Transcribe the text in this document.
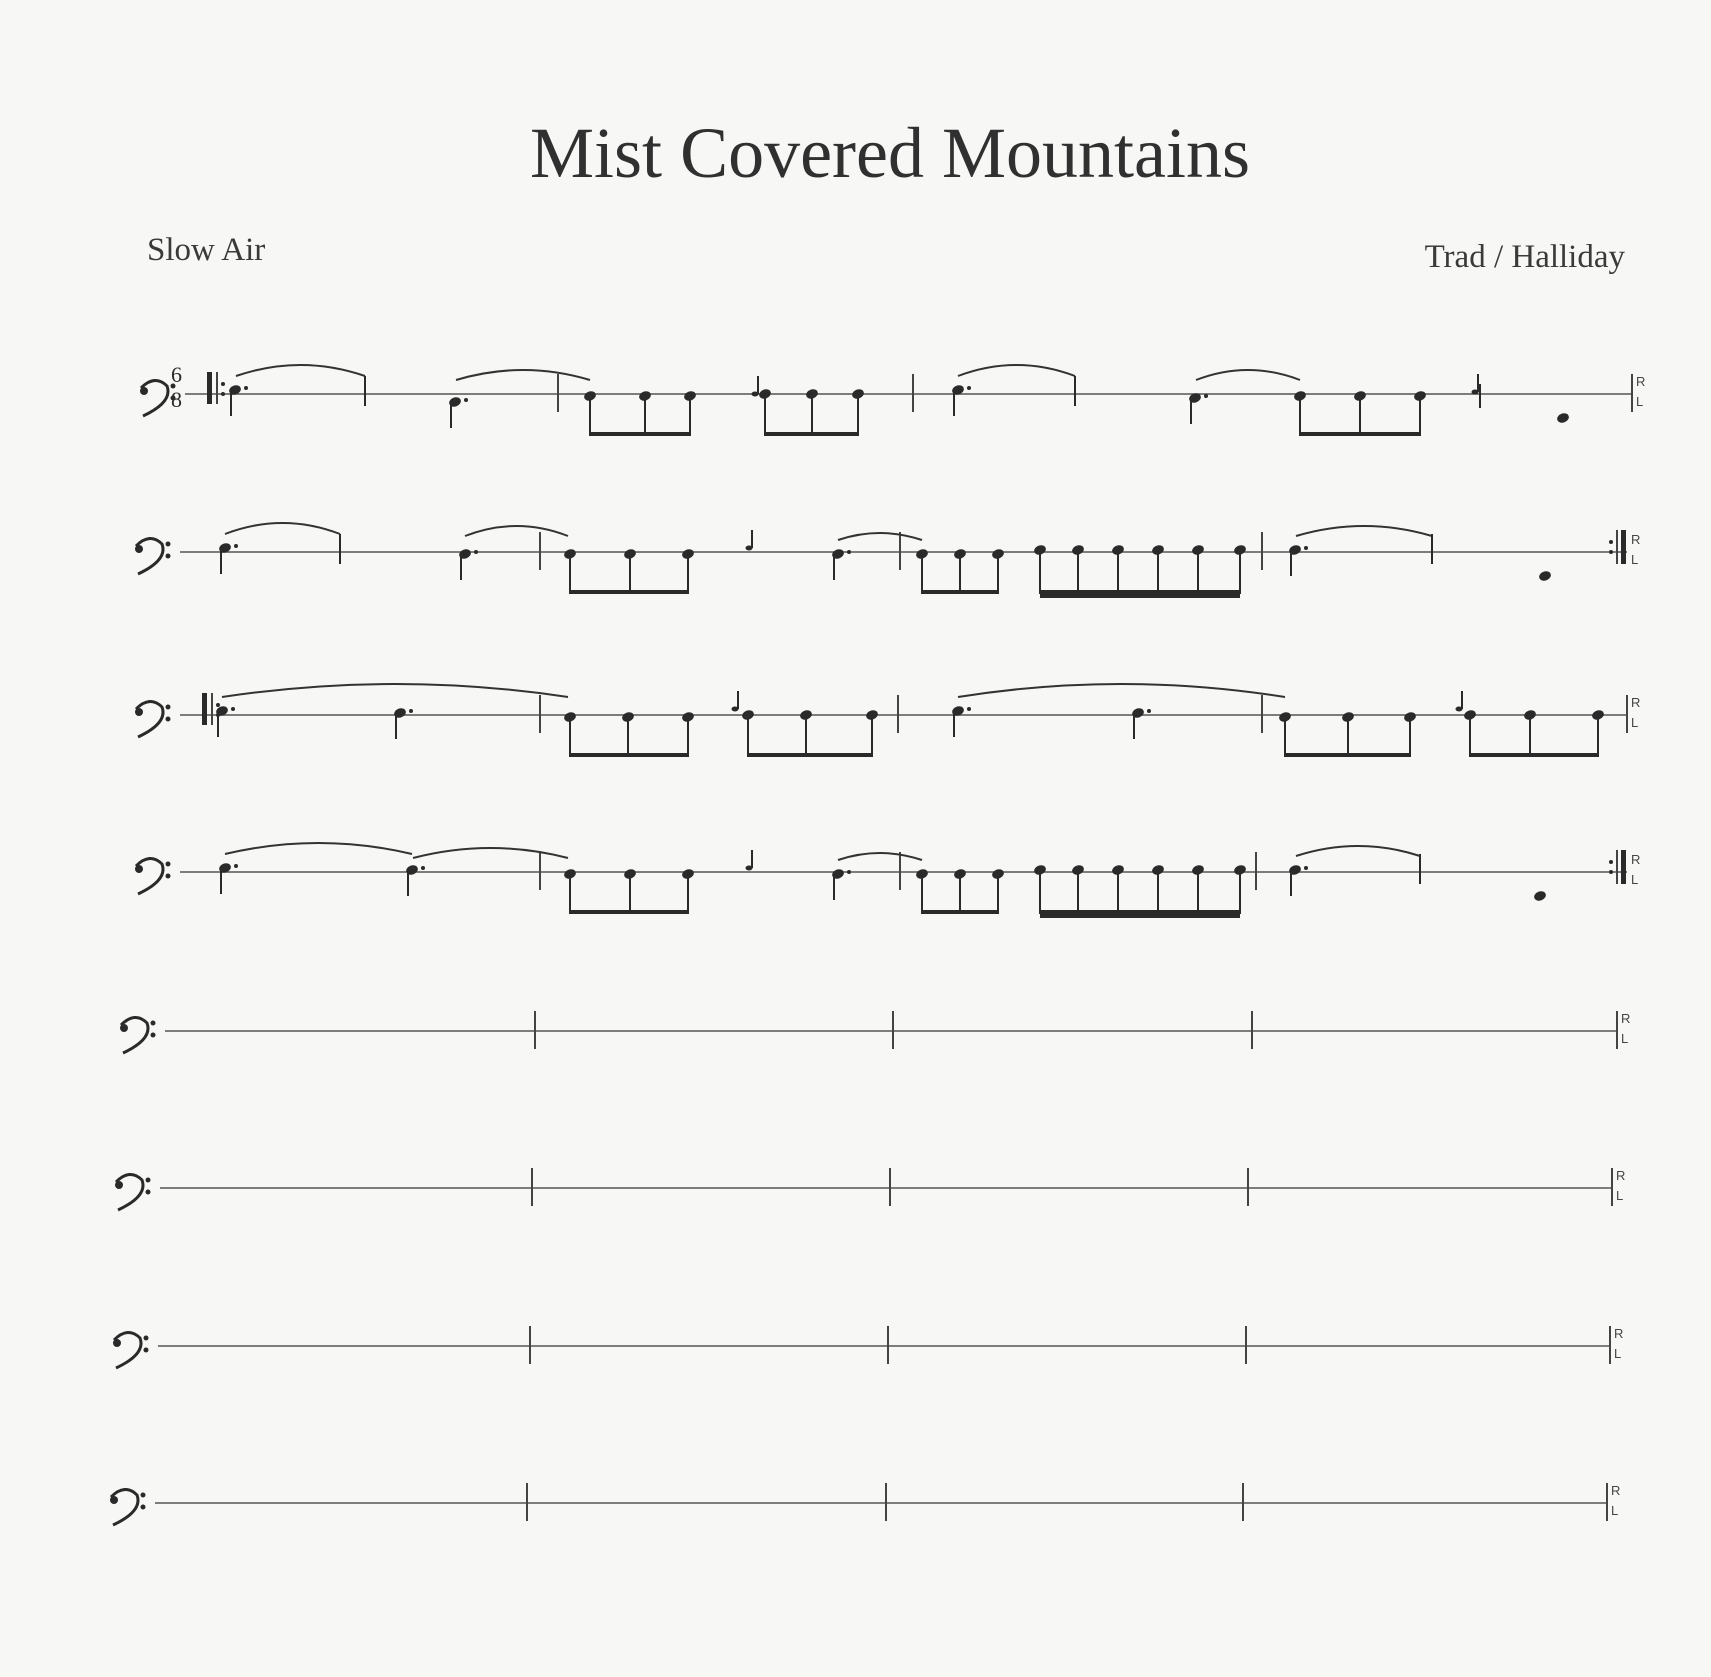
Mist Covered Mountains
Slow Air	Trad / Halliday
6
8
R
L
R
L
R
L
R
L
R
L
R
L
R
L
R
L
